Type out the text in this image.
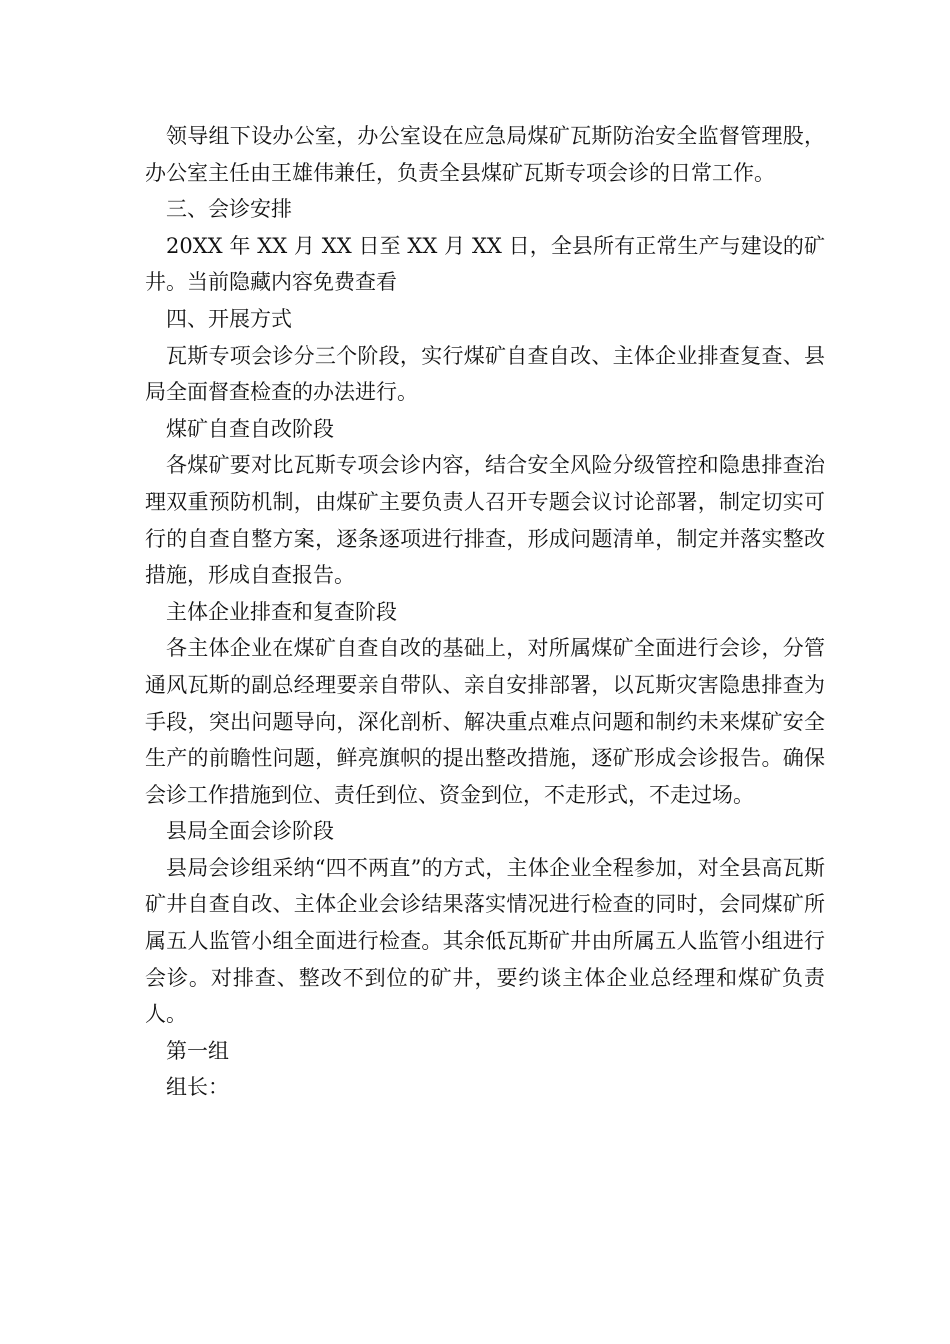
领导组下设办公室，办公室设在应急局煤矿瓦斯防治安全监督管理股，办公室主任由王雄伟兼任，负责全县煤矿瓦斯专项会诊的日常工作。

三、会诊安排

20XX 年 XX 月 XX 日至 XX 月 XX 日，全县所有正常生产与建设的矿井。当前隐藏内容免费查看

四、开展方式

瓦斯专项会诊分三个阶段，实行煤矿自查自改、主体企业排查复查、县局全面督查检查的办法进行。

煤矿自查自改阶段

各煤矿要对比瓦斯专项会诊内容，结合安全风险分级管控和隐患排查治理双重预防机制，由煤矿主要负责人召开专题会议讨论部署，制定切实可行的自查自整方案，逐条逐项进行排查，形成问题清单，制定并落实整改措施，形成自查报告。

主体企业排查和复查阶段

各主体企业在煤矿自查自改的基础上，对所属煤矿全面进行会诊，分管通风瓦斯的副总经理要亲自带队、亲自安排部署，以瓦斯灾害隐患排查为手段，突出问题导向，深化剖析、解决重点难点问题和制约未来煤矿安全生产的前瞻性问题，鲜亮旗帜的提出整改措施，逐矿形成会诊报告。确保会诊工作措施到位、责任到位、资金到位，不走形式，不走过场。

县局全面会诊阶段

县局会诊组采纳“四不两直”的方式，主体企业全程参加，对全县高瓦斯矿井自查自改、主体企业会诊结果落实情况进行检查的同时，会同煤矿所属五人监管小组全面进行检查。其余低瓦斯矿井由所属五人监管小组进行会诊。对排查、整改不到位的矿井，要约谈主体企业总经理和煤矿负责人。

第一组

组长：
